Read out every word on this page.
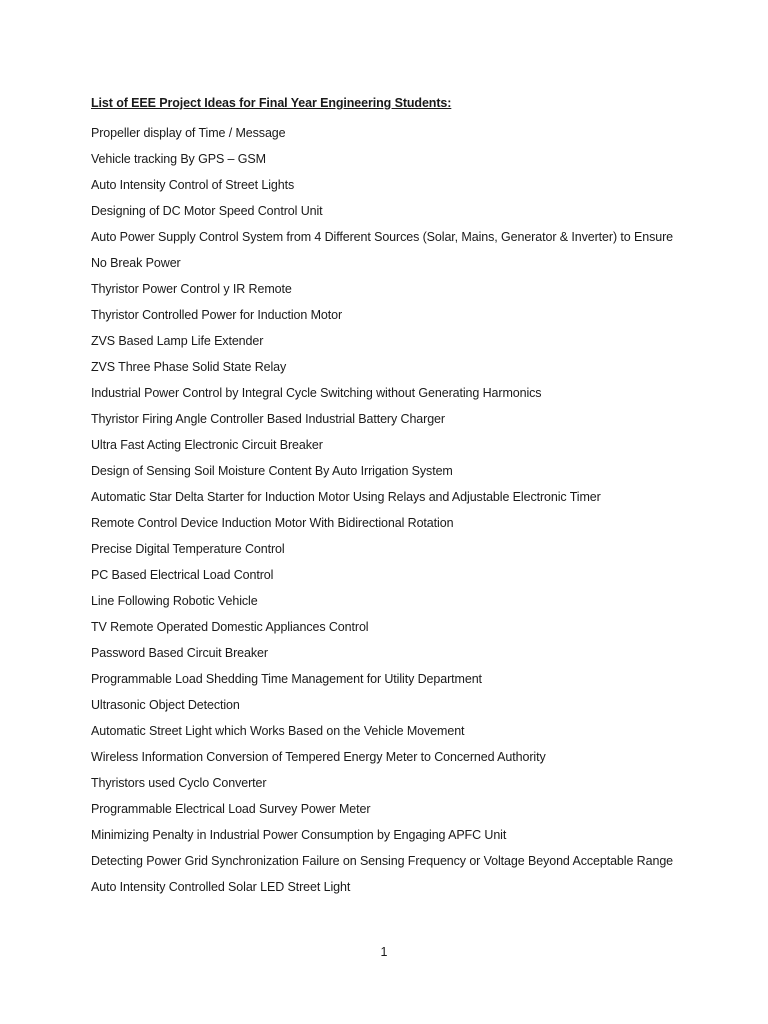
List of EEE Project Ideas for Final Year Engineering Students:
Propeller display of Time / Message
Vehicle tracking By GPS – GSM
Auto Intensity Control of Street Lights
Designing of DC Motor Speed Control Unit
Auto Power Supply Control System from 4 Different Sources (Solar, Mains, Generator & Inverter) to Ensure No Break Power
Thyristor Power Control y IR Remote
Thyristor Controlled Power for Induction Motor
ZVS Based Lamp Life Extender
ZVS Three Phase Solid State Relay
Industrial Power Control by Integral Cycle Switching without Generating Harmonics
Thyristor Firing Angle Controller Based Industrial Battery Charger
Ultra Fast Acting Electronic Circuit Breaker
Design of Sensing Soil Moisture Content By Auto Irrigation System
Automatic Star Delta Starter for Induction Motor Using Relays and Adjustable Electronic Timer
Remote Control Device Induction Motor With Bidirectional Rotation
Precise Digital Temperature Control
PC Based Electrical Load Control
Line Following Robotic Vehicle
TV Remote Operated Domestic Appliances Control
Password Based Circuit Breaker
Programmable Load Shedding Time Management for Utility Department
Ultrasonic Object Detection
Automatic Street Light which Works Based on the Vehicle Movement
Wireless Information Conversion of Tempered Energy Meter to Concerned Authority
Thyristors used Cyclo Converter
Programmable Electrical Load Survey Power Meter
Minimizing Penalty in Industrial Power Consumption by Engaging APFC Unit
Detecting Power Grid Synchronization Failure on Sensing Frequency or Voltage Beyond Acceptable Range
Auto Intensity Controlled Solar LED Street Light
1
